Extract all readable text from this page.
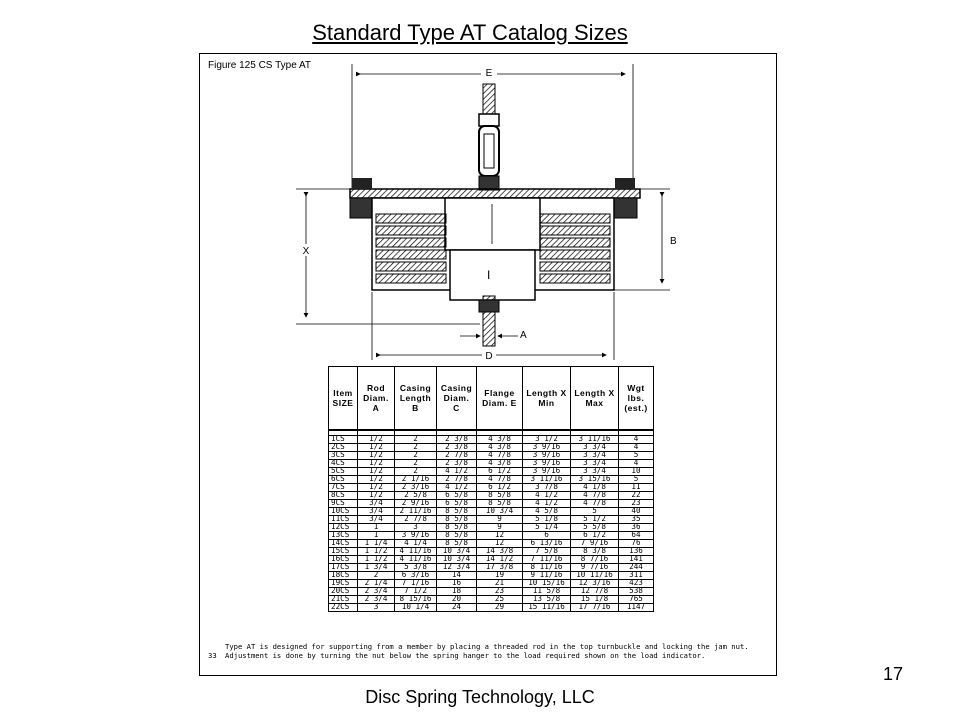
Standard Type AT Catalog Sizes
Figure 125 CS Type AT
E
I
X
B
A
D
Item SIZE	Rod Diam. A	Casing Length B	Casing Diam. C	Flange Diam. E	Length X Min	Length X Max	Wgt lbs. (est.)

1CS	1/2	2	2 3/8	4 3/8	3 1/2	3 11/16	4
2CS	1/2	2	2 3/8	4 3/8	3 9/16	3 3/4	4
3CS	1/2	2	2 7/8	4 7/8	3 9/16	3 3/4	5
4CS	1/2	2	2 3/8	4 3/8	3 9/16	3 3/4	4
5CS	1/2	2	4 1/2	6 1/2	3 9/16	3 3/4	10
6CS	1/2	2 1/16	2 7/8	4 7/8	3 11/16	3 15/16	5
7CS	1/2	2 3/16	4 1/2	6 1/2	3 7/8	4 1/8	11
8CS	1/2	2 5/8	6 5/8	8 5/8	4 1/2	4 7/8	22
9CS	3/4	2 9/16	6 5/8	8 5/8	4 1/2	4 7/8	23
10CS	3/4	2 11/16	8 5/8	10 3/4	4 5/8	5	40
11CS	3/4	2 7/8	8 5/8	9	5 1/8	5 1/2	35
12CS	1	3	8 5/8	9	5 1/4	5 5/8	36
13CS	1	3 9/16	8 5/8	12	6	6 1/2	64
14CS	1 1/4	4 1/4	8 5/8	12	6 13/16	7 9/16	76
15CS	1 1/2	4 11/16	10 3/4	14 3/8	7 5/8	8 3/8	136
16CS	1 1/2	4 11/16	10 3/4	14 1/2	7 11/16	8 7/16	141
17CS	1 3/4	5 3/8	12 3/4	17 3/8	8 11/16	9 7/16	244
18CS	2	6 3/16	14	19	9 11/16	10 11/16	311
19CS	2 1/4	7 1/16	16	21	10 15/16	12 3/16	423
20CS	2 3/4	7 1/2	18	23	11 5/8	12 7/8	538
21CS	2 3/4	8 15/16	20	25	13 5/8	15 1/8	765
22CS	3	10 1/4	24	29	15 11/16	17 7/16	1147
33
Type AT is designed for supporting from a member by placing a threaded rod in the top turnbuckle and locking the jam nut. Adjustment is done by turning the nut below the spring hanger to the load required shown on the load indicator.
17
Disc Spring Technology, LLC
